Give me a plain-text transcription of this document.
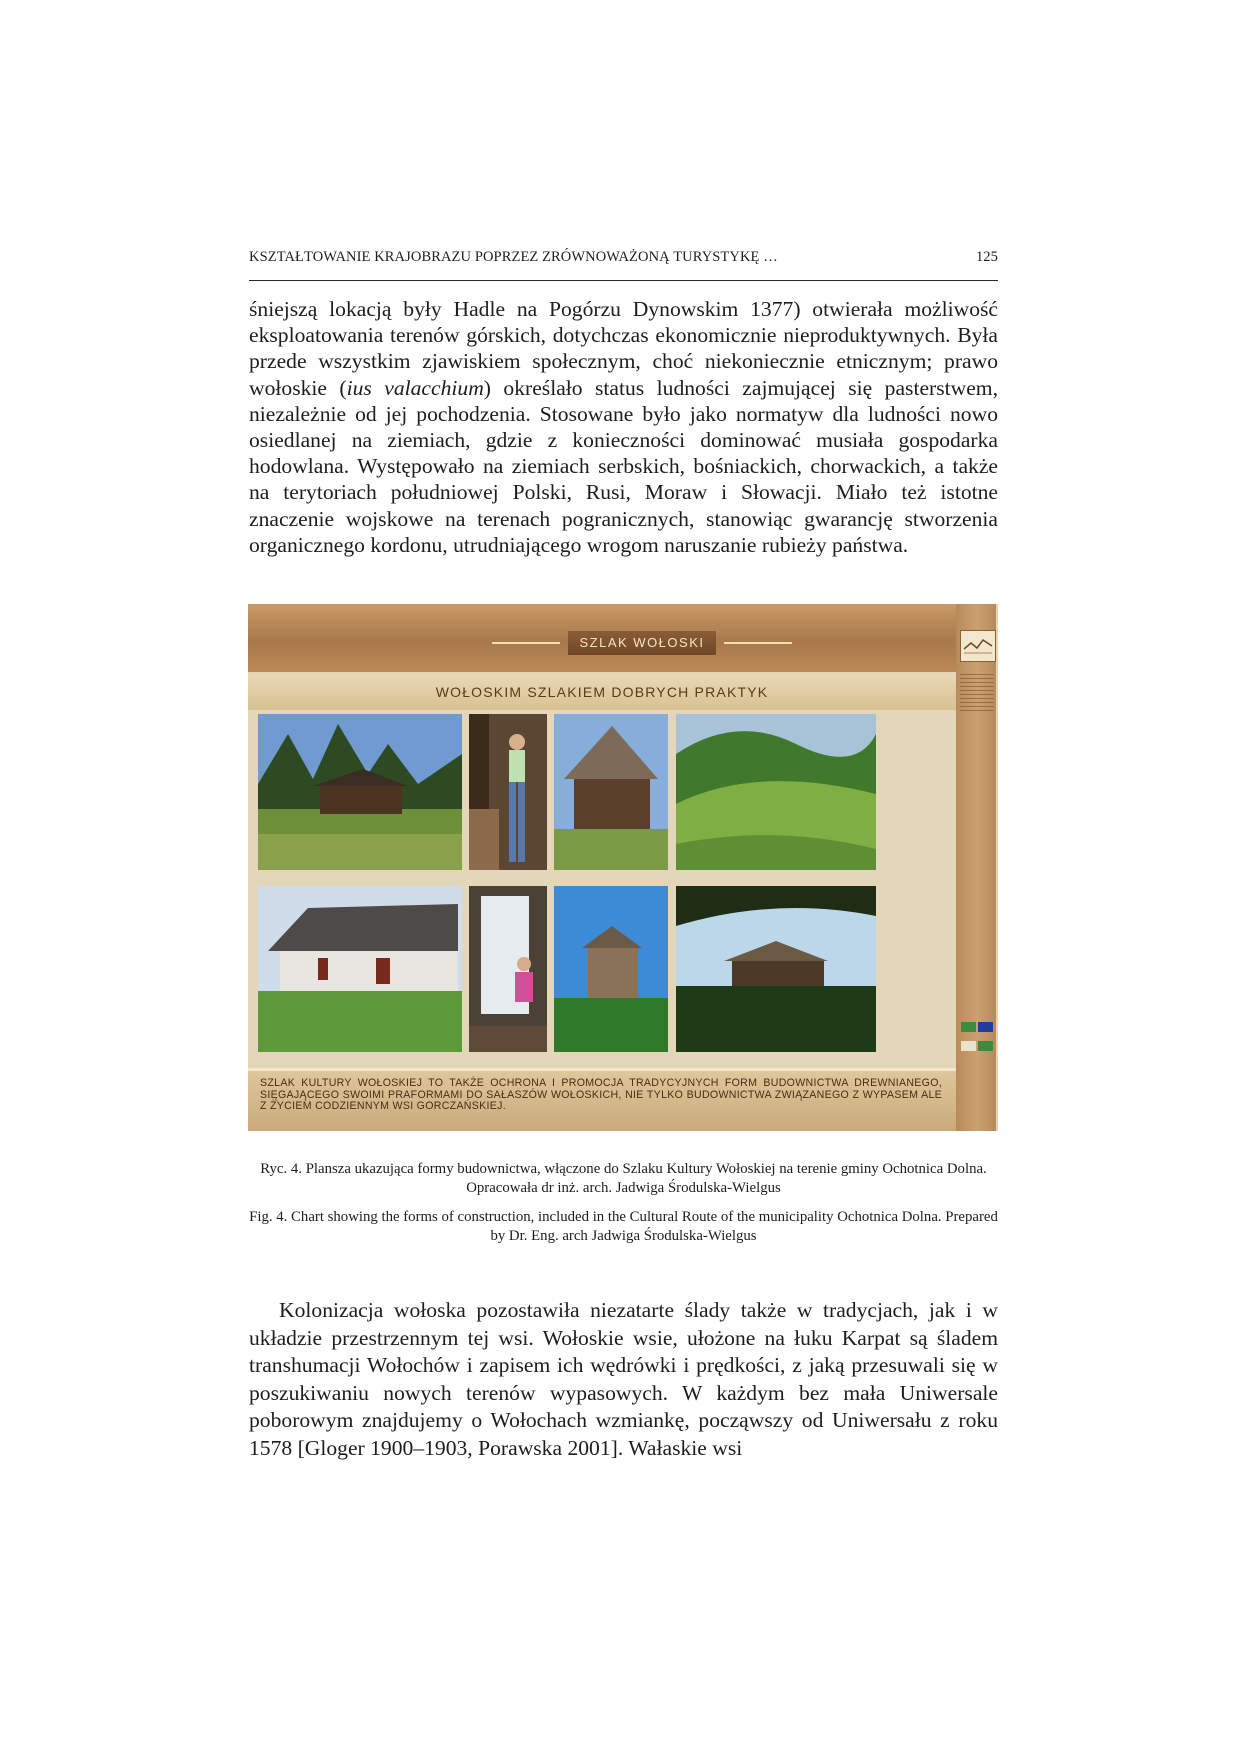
KSZTAŁTOWANIE KRAJOBRAZU POPRZEZ ZRÓWNOWAŻONĄ TURYSTYKĘ …	125

śniejszą lokacją były Hadle na Pogórzu Dynowskim 1377) otwierała możliwość eksploatowania terenów górskich, dotychczas ekonomicznie nieproduktywnych. Była przede wszystkim zjawiskiem społecznym, choć niekoniecznie etnicznym; prawo wołoskie (ius valacchium) określało status ludności zajmującej się pasterstwem, niezależnie od jej pochodzenia. Stosowane było jako normatyw dla ludności nowo osiedlanej na ziemiach, gdzie z konieczności dominować musiała gospodarka hodowlana. Występowało na ziemiach serbskich, bośniackich, chorwackich, a także na terytoriach południowej Polski, Rusi, Moraw i Słowacji. Miało też istotne znaczenie wojskowe na terenach pogranicznych, stanowiąc gwarancję stworzenia organicznego kordonu, utrudniającego wrogom naruszanie rubieży państwa.

SZLAK WOŁOSKI
WOŁOSKIM SZLAKIEM DOBRYCH PRAKTYK

SZLAK KULTURY WOŁOSKIEJ TO TAKŻE OCHRONA I PROMOCJA TRADYCYJNYCH FORM BUDOWNICTWA DREWNIANEGO, SIĘGAJĄCEGO SWOIMI PRAFORMAMI DO SAŁASZÓW WOŁOSKICH, NIE TYLKO BUDOWNICTWA ZWIĄZANEGO Z WYPASEM ALE Z ŻYCIEM CODZIENNYM WSI GORCZAŃSKIEJ.

Ryc. 4. Plansza ukazująca formy budownictwa, włączone do Szlaku Kultury Wołoskiej na terenie gminy Ochotnica Dolna. Opracowała dr inż. arch. Jadwiga Środulska-Wielgus

Fig. 4. Chart showing the forms of construction, included in the Cultural Route of the municipality Ochotnica Dolna. Prepared by Dr. Eng. arch Jadwiga Środulska-Wielgus

Kolonizacja wołoska pozostawiła niezatarte ślady także w tradycjach, jak i w układzie przestrzennym tej wsi. Wołoskie wsie, ułożone na łuku Karpat są śladem transhumacji Wołochów i zapisem ich wędrówki i prędkości, z jaką przesuwali się w poszukiwaniu nowych terenów wypasowych. W każdym bez mała Uniwersale poborowym znajdujemy o Wołochach wzmiankę, począwszy od Uniwersału z roku 1578 [Gloger 1900–1903, Porawska 2001]. Wałaskie wsi
